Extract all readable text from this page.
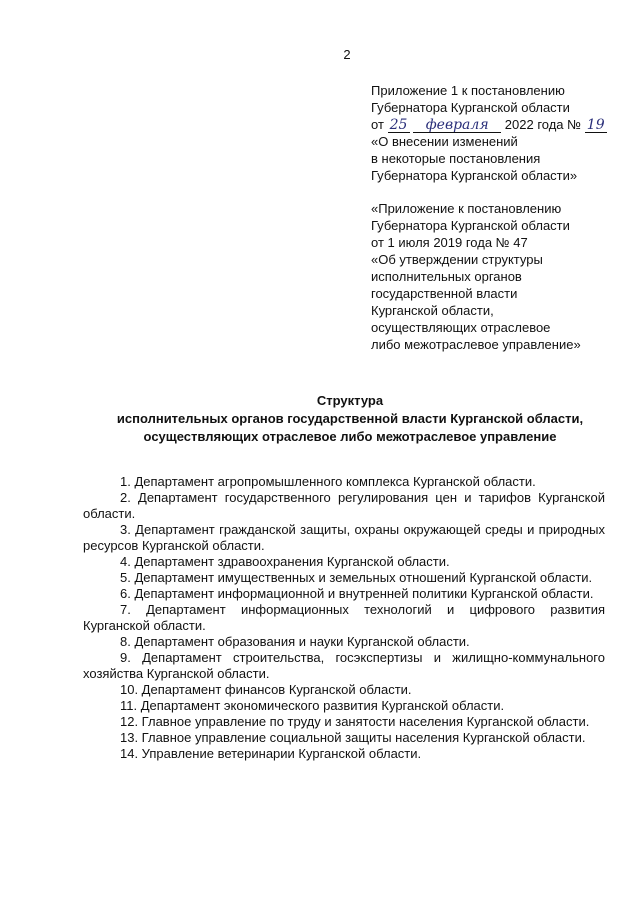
2
Приложение 1 к постановлению
Губернатора Курганской области
от 25 февраля 2022 года № 19
«О внесении изменений
в некоторые постановления
Губернатора Курганской области»
«Приложение к постановлению
Губернатора Курганской области
от 1 июля 2019 года № 47
«Об утверждении структуры
исполнительных органов
государственной власти
Курганской области,
осуществляющих отраслевое
либо межотраслевое управление»
Структура
исполнительных органов государственной власти Курганской области,
осуществляющих отраслевое либо межотраслевое управление
1. Департамент агропромышленного комплекса Курганской области.
2. Департамент государственного регулирования цен и тарифов Курганской области.
3. Департамент гражданской защиты, охраны окружающей среды и природных ресурсов Курганской области.
4. Департамент здравоохранения Курганской области.
5. Департамент имущественных и земельных отношений Курганской области.
6. Департамент информационной и внутренней политики Курганской области.
7. Департамент информационных технологий и цифрового развития Курганской области.
8. Департамент образования и науки Курганской области.
9. Департамент строительства, госэкспертизы и жилищно-коммунального хозяйства Курганской области.
10. Департамент финансов Курганской области.
11. Департамент экономического развития Курганской области.
12. Главное управление по труду и занятости населения Курганской области.
13. Главное управление социальной защиты населения Курганской области.
14. Управление ветеринарии Курганской области.
